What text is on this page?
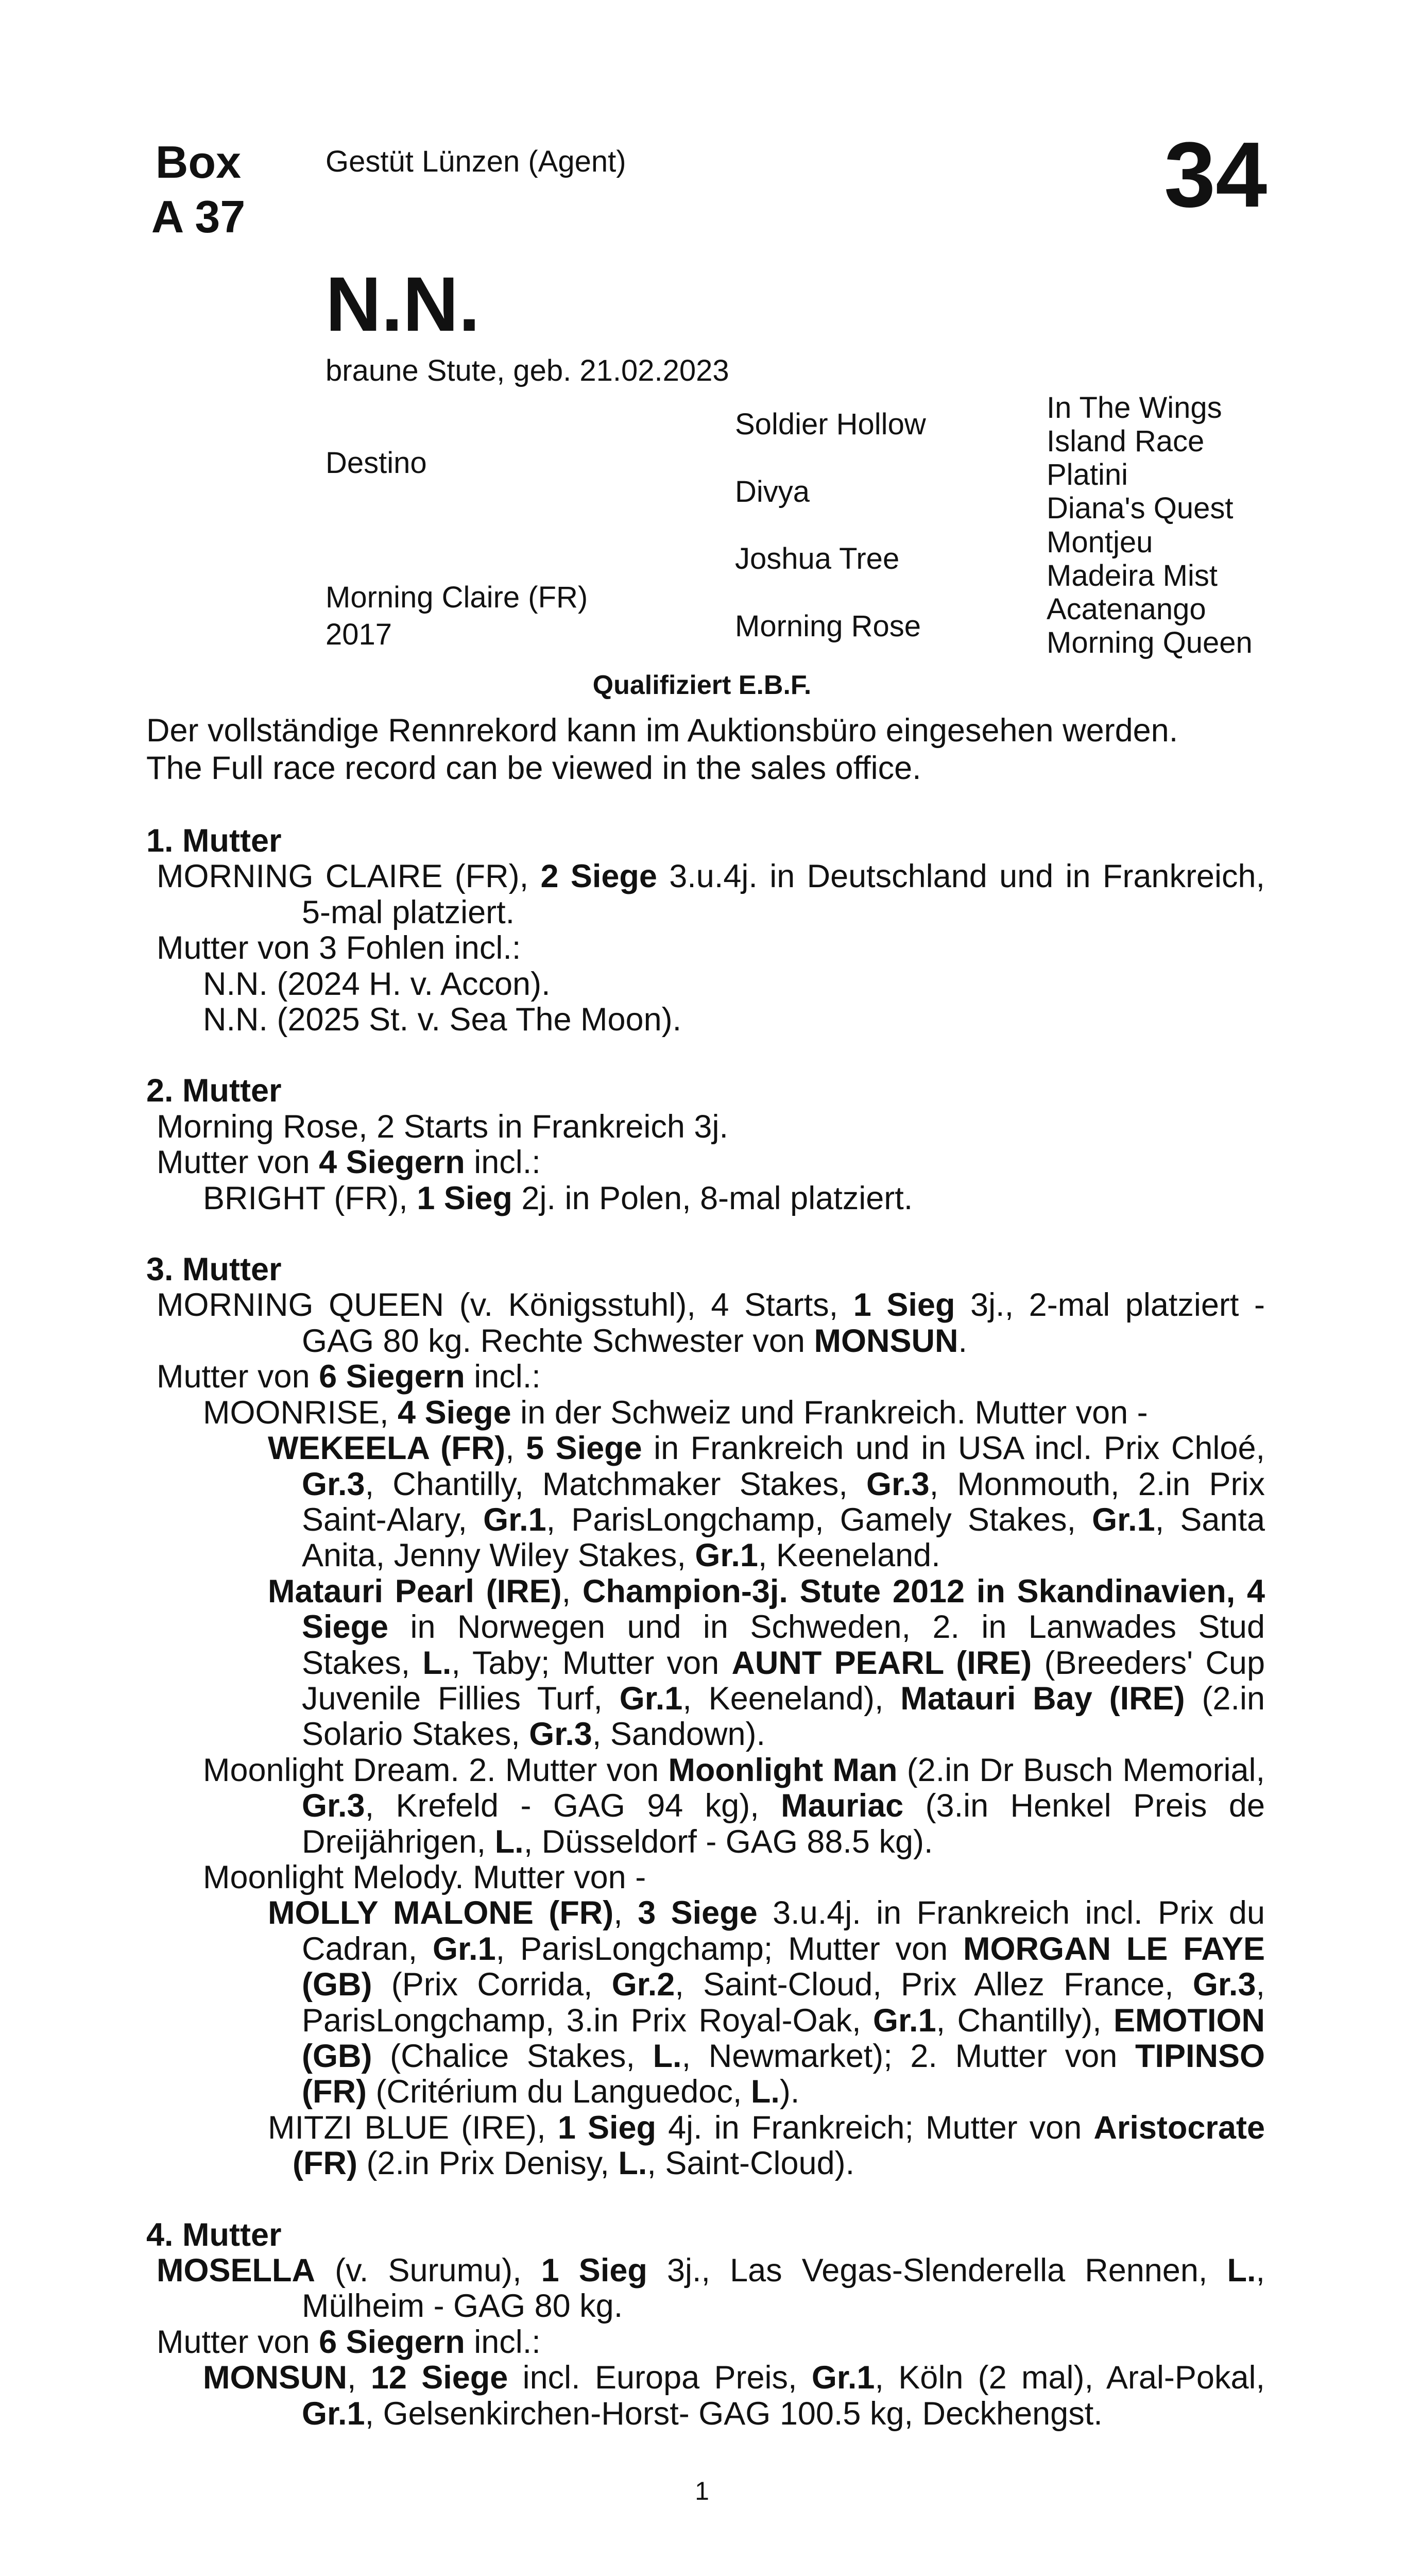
Box
A 37
Gestüt Lünzen (Agent)	34
N.N.
braune Stute, geb. 21.02.2023
Destino
Morning Claire (FR)
2017
Soldier Hollow
Divya
Joshua Tree
Morning Rose
In The Wings
Island Race
Platini
Diana's Quest
Montjeu
Madeira Mist
Acatenango
Morning Queen
Qualifiziert E.B.F.
Der vollständige Rennrekord kann im Auktionsbüro eingesehen werden.
The Full race record can be viewed in the sales office.

1. Mutter

MORNING CLAIRE (FR), 2 Siege 3.u.4j. in Deutschland und in Frankreich, 5-mal platziert.

Mutter von 3 Fohlen incl.:

N.N. (2024 H. v. Accon).

N.N. (2025 St. v. Sea The Moon).

2. Mutter

Morning Rose, 2 Starts in Frankreich 3j.

Mutter von 4 Siegern incl.:

BRIGHT (FR), 1 Sieg 2j. in Polen, 8-mal platziert.

3. Mutter

MORNING QUEEN (v. Königsstuhl), 4 Starts, 1 Sieg 3j., 2-mal platziert - GAG 80 kg. Rechte Schwester von MONSUN.

Mutter von 6 Siegern incl.:

MOONRISE, 4 Siege in der Schweiz und Frankreich. Mutter von -

WEKEELA (FR), 5 Siege in Frankreich und in USA incl. Prix Chloé, Gr.3, Chantilly, Matchmaker Stakes, Gr.3, Monmouth, 2.in Prix Saint-Alary, Gr.1, ParisLongchamp, Gamely Stakes, Gr.1, Santa Anita, Jenny Wiley Stakes, Gr.1, Keeneland.

Matauri Pearl (IRE), Champion-3j. Stute 2012 in Skandinavien, 4 Siege in Norwegen und in Schweden, 2. in Lanwades Stud Stakes, L., Taby; Mutter von AUNT PEARL (IRE) (Breeders' Cup Juvenile Fillies Turf, Gr.1, Keeneland), Matauri Bay (IRE) (2.in Solario Stakes, Gr.3, Sandown).

Moonlight Dream. 2. Mutter von Moonlight Man (2.in Dr Busch Memorial, Gr.3, Krefeld - GAG 94 kg), Mauriac (3.in Henkel Preis de Dreijährigen, L., Düsseldorf - GAG 88.5 kg).

Moonlight Melody. Mutter von -

MOLLY MALONE (FR), 3 Siege 3.u.4j. in Frankreich incl. Prix du Cadran, Gr.1, ParisLongchamp; Mutter von MORGAN LE FAYE (GB) (Prix Corrida, Gr.2, Saint-Cloud, Prix Allez France, Gr.3, ParisLongchamp, 3.in Prix Royal-Oak, Gr.1, Chantilly), EMOTION (GB) (Chalice Stakes, L., Newmarket); 2. Mutter von TIPINSO (FR) (Critérium du Languedoc, L.).

MITZI BLUE (IRE), 1 Sieg 4j. in Frankreich; Mutter von Aristocrate (FR) (2.in Prix Denisy, L., Saint-Cloud).

4. Mutter

MOSELLA (v. Surumu), 1 Sieg 3j., Las Vegas-Slenderella Rennen, L., Mülheim - GAG 80 kg.

Mutter von 6 Siegern incl.:

MONSUN, 12 Siege incl. Europa Preis, Gr.1, Köln (2 mal), Aral-Pokal, Gr.1, Gelsenkirchen-Horst- GAG 100.5 kg, Deckhengst.

1
